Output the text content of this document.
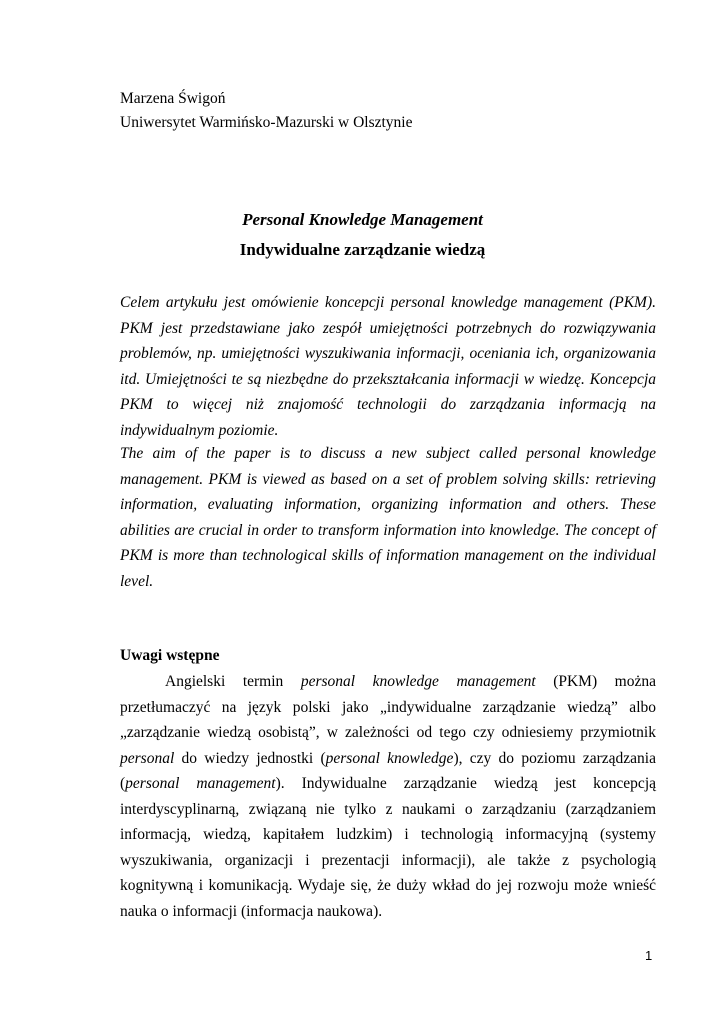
Marzena Świgoń
Uniwersytet Warmińsko-Mazurski w Olsztynie
Personal Knowledge Management
Indywidualne zarządzanie wiedzą

Celem artykułu jest omówienie koncepcji personal knowledge management (PKM). PKM jest przedstawiane jako zespół umiejętności potrzebnych do rozwiązywania problemów, np. umiejętności wyszukiwania informacji, oceniania ich, organizowania itd. Umiejętności te są niezbędne do przekształcania informacji w wiedzę. Koncepcja PKM to więcej niż znajomość technologii do zarządzania informacją na indywidualnym poziomie.

The aim of the paper is to discuss a new subject called personal knowledge management. PKM is viewed as based on a set of problem solving skills: retrieving information, evaluating information, organizing information and others. These abilities are crucial in order to transform information into knowledge. The concept of PKM is more than technological skills of information management on the individual level.

Uwagi wstępne

Angielski termin personal knowledge management (PKM) można przetłumaczyć na język polski jako „indywidualne zarządzanie wiedzą” albo „zarządzanie wiedzą osobistą”, w zależności od tego czy odniesiemy przymiotnik personal do wiedzy jednostki (personal knowledge), czy do poziomu zarządzania (personal management). Indywidualne zarządzanie wiedzą jest koncepcją interdyscyplinarną, związaną nie tylko z naukami o zarządzaniu (zarządzaniem informacją, wiedzą, kapitałem ludzkim) i technologią informacyjną (systemy wyszukiwania, organizacji i prezentacji informacji), ale także z psychologią kognitywną i komunikacją. Wydaje się, że duży wkład do jej rozwoju może wnieść nauka o informacji (informacja naukowa).

1
